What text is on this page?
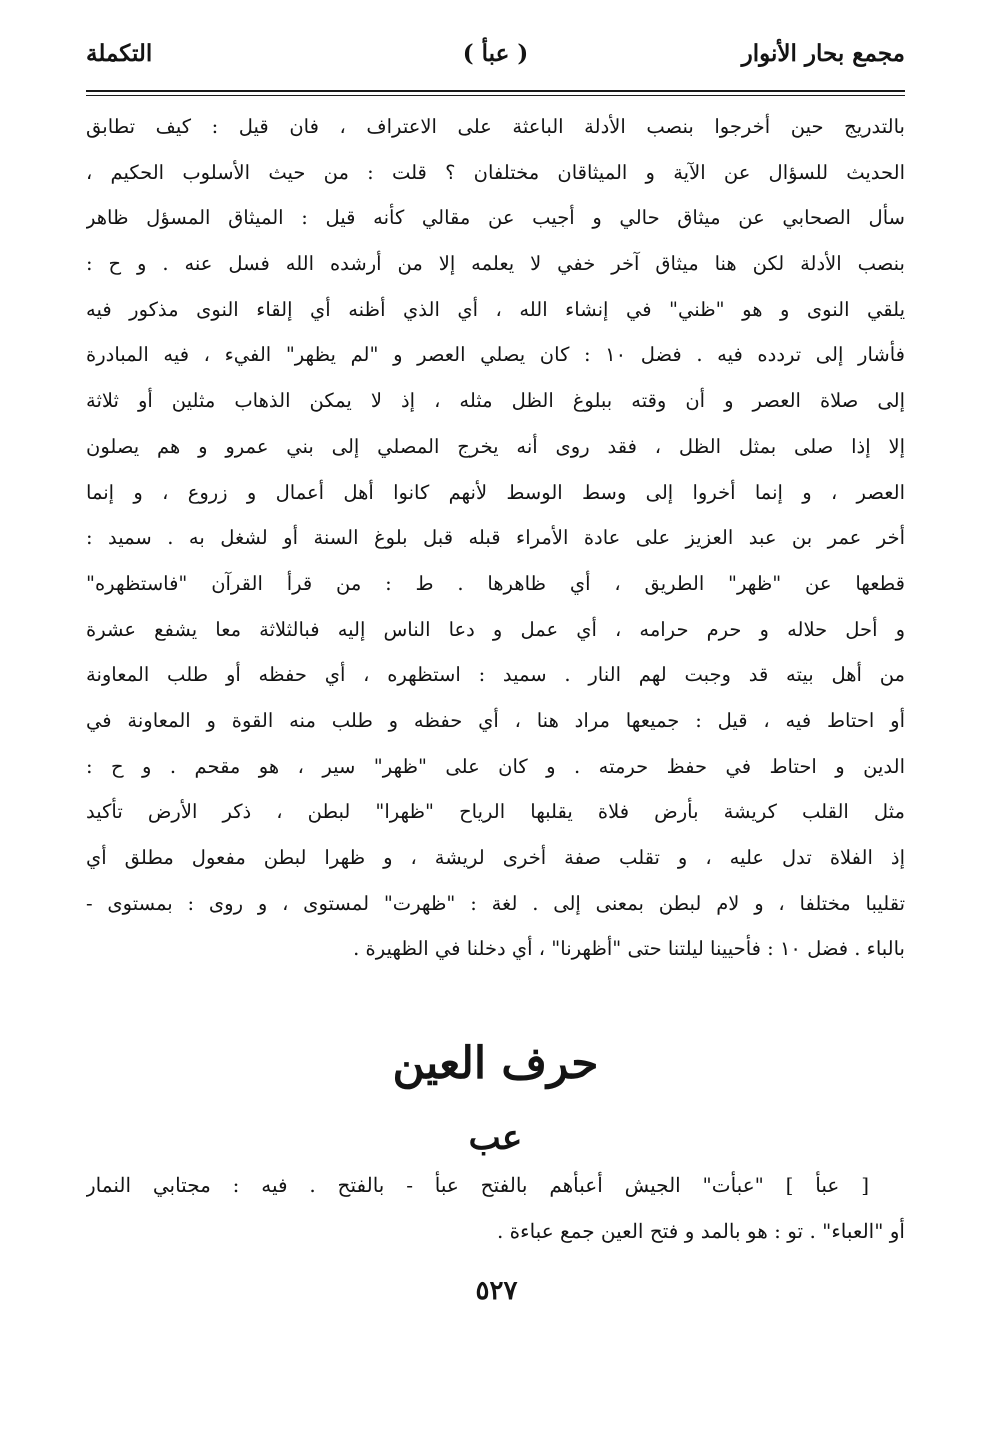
مجمع بحار الأنوار
( عبأ )
التكملة
بالتدريج حين أخرجوا بنصب الأدلة الباعثة على الاعتراف ، فان قيل : كيف تطابق
الحديث للسؤال عن الآية و الميثاقان مختلفان ؟ قلت : من حيث الأسلوب الحكيم ،
سأل الصحابي عن ميثاق حالي و أجيب عن مقالي كأنه قيل : الميثاق المسؤل ظاهر
بنصب الأدلة لكن هنا ميثاق آخر خفي لا يعلمه إلا من أرشده الله فسل عنه . و ح :
يلقي النوى و هو "ظني" في إنشاء الله ، أي الذي أظنه أي إلقاء النوى مذكور فيه
فأشار إلى تردده فيه . فضل ١٠ : كان يصلي العصر و "لم يظهر" الفيء ، فيه المبادرة
إلى صلاة العصر و أن وقته ببلوغ الظل مثله ، إذ لا يمكن الذهاب مثلين أو ثلاثة
إلا إذا صلى بمثل الظل ، فقد روى أنه يخرج المصلي إلى بني عمرو و هم يصلون
العصر ، و إنما أخروا إلى وسط الوسط لأنهم كانوا أهل أعمال و زروع ، و إنما
أخر عمر بن عبد العزيز على عادة الأمراء قبله قبل بلوغ السنة أو لشغل به . سميد :
قطعها عن "ظهر" الطريق ، أي ظاهرها . ط : من قرأ القرآن "فاستظهره"
و أحل حلاله و حرم حرامه ، أي عمل و دعا الناس إليه فبالثلاثة معا يشفع عشرة
من أهل بيته قد وجبت لهم النار . سميد : استظهره ، أي حفظه أو طلب المعاونة
أو احتاط فيه ، قيل : جميعها مراد هنا ، أي حفظه و طلب منه القوة و المعاونة في
الدين و احتاط في حفظ حرمته . و كان على "ظهر" سير ، هو مقحم . و ح :
مثل القلب كريشة بأرض فلاة يقلبها الرياح "ظهرا" لبطن ، ذكر الأرض تأكيد
إذ الفلاة تدل عليه ، و تقلب صفة أخرى لريشة ، و ظهرا لبطن مفعول مطلق أي
تقليبا مختلفا ، و لام لبطن بمعنى إلى . لغة : "ظهرت" لمستوى ، و روى : بمستوى -
بالباء . فضل ١٠ : فأحيينا ليلتنا حتى "أظهرنا" ، أي دخلنا في الظهيرة .
حرف العين
عب
[ عبأ ] "عبأت" الجيش أعبأهم بالفتح عبأ - بالفتح . فيه : مجتابي النمار
أو "العباء" . تو : هو بالمد و فتح العين جمع عباءة .
٥٢٧
